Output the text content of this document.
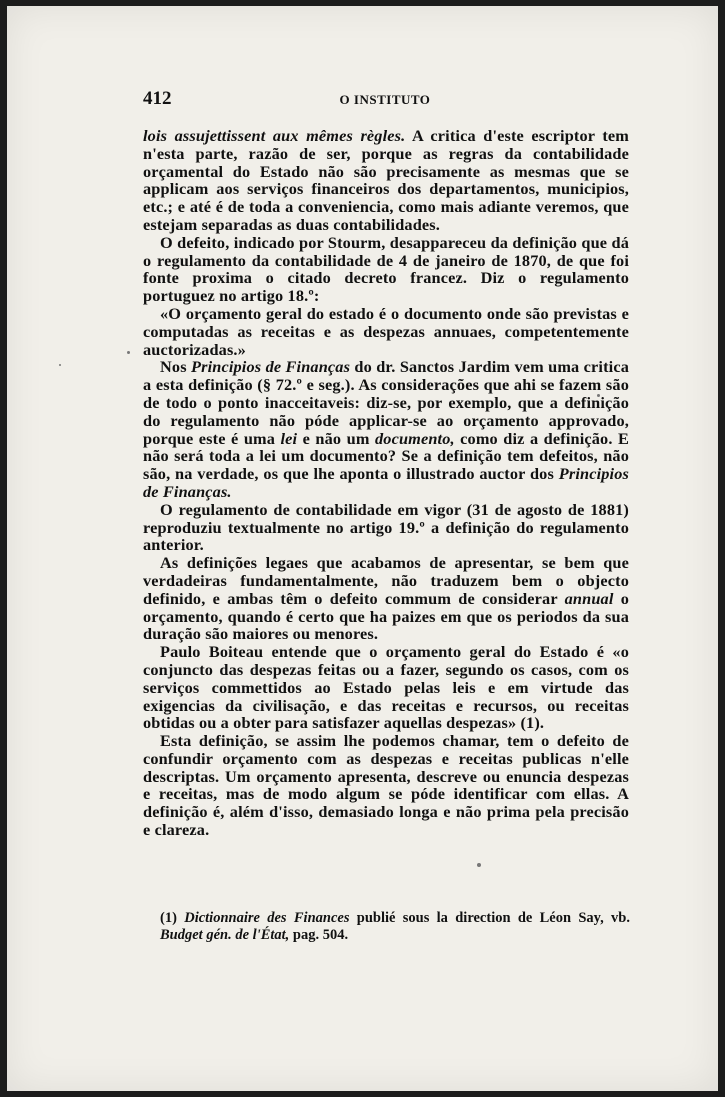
412	O INSTITUTO

lois assujettissent aux mêmes règles. A critica d'este escriptor tem n'esta parte, razão de ser, porque as regras da contabilidade orçamental do Estado não são precisamente as mesmas que se applicam aos serviços financeiros dos departamentos, municipios, etc.; e até é de toda a conveniencia, como mais adiante veremos, que estejam separadas as duas contabilidades.

O defeito, indicado por Stourm, desappareceu da definição que dá o regulamento da contabilidade de 4 de janeiro de 1870, de que foi fonte proxima o citado decreto francez. Diz o regulamento portuguez no artigo 18.º:

«O orçamento geral do estado é o documento onde são previstas e computadas as receitas e as despezas annuaes, competentemente auctorizadas.»

Nos Principios de Finanças do dr. Sanctos Jardim vem uma critica a esta definição (§ 72.º e seg.). As considerações que ahi se fazem são de todo o ponto inacceitaveis: diz-se, por exemplo, que a definição do regulamento não póde applicar-se ao orçamento approvado, porque este é uma lei e não um documento, como diz a definição. E não será toda a lei um documento? Se a definição tem defeitos, não são, na verdade, os que lhe aponta o illustrado auctor dos Principios de Finanças.

O regulamento de contabilidade em vigor (31 de agosto de 1881) reproduziu textualmente no artigo 19.º a definição do regulamento anterior.

As definições legaes que acabamos de apresentar, se bem que verdadeiras fundamentalmente, não traduzem bem o objecto definido, e ambas têm o defeito commum de considerar annual o orçamento, quando é certo que ha paizes em que os periodos da sua duração são maiores ou menores.

Paulo Boiteau entende que o orçamento geral do Estado é «o conjuncto das despezas feitas ou a fazer, segundo os casos, com os serviços commettidos ao Estado pelas leis e em virtude das exigencias da civilisação, e das receitas e recursos, ou receitas obtidas ou a obter para satisfazer aquellas despezas» (1).

Esta definição, se assim lhe podemos chamar, tem o defeito de confundir orçamento com as despezas e receitas publicas n'elle descriptas. Um orçamento apresenta, descreve ou enuncia despezas e receitas, mas de modo algum se póde identificar com ellas. A definição é, além d'isso, demasiado longa e não prima pela precisão e clareza.

(1) Dictionnaire des Finances publié sous la direction de Léon Say, vb. Budget gén. de l'État, pag. 504.
